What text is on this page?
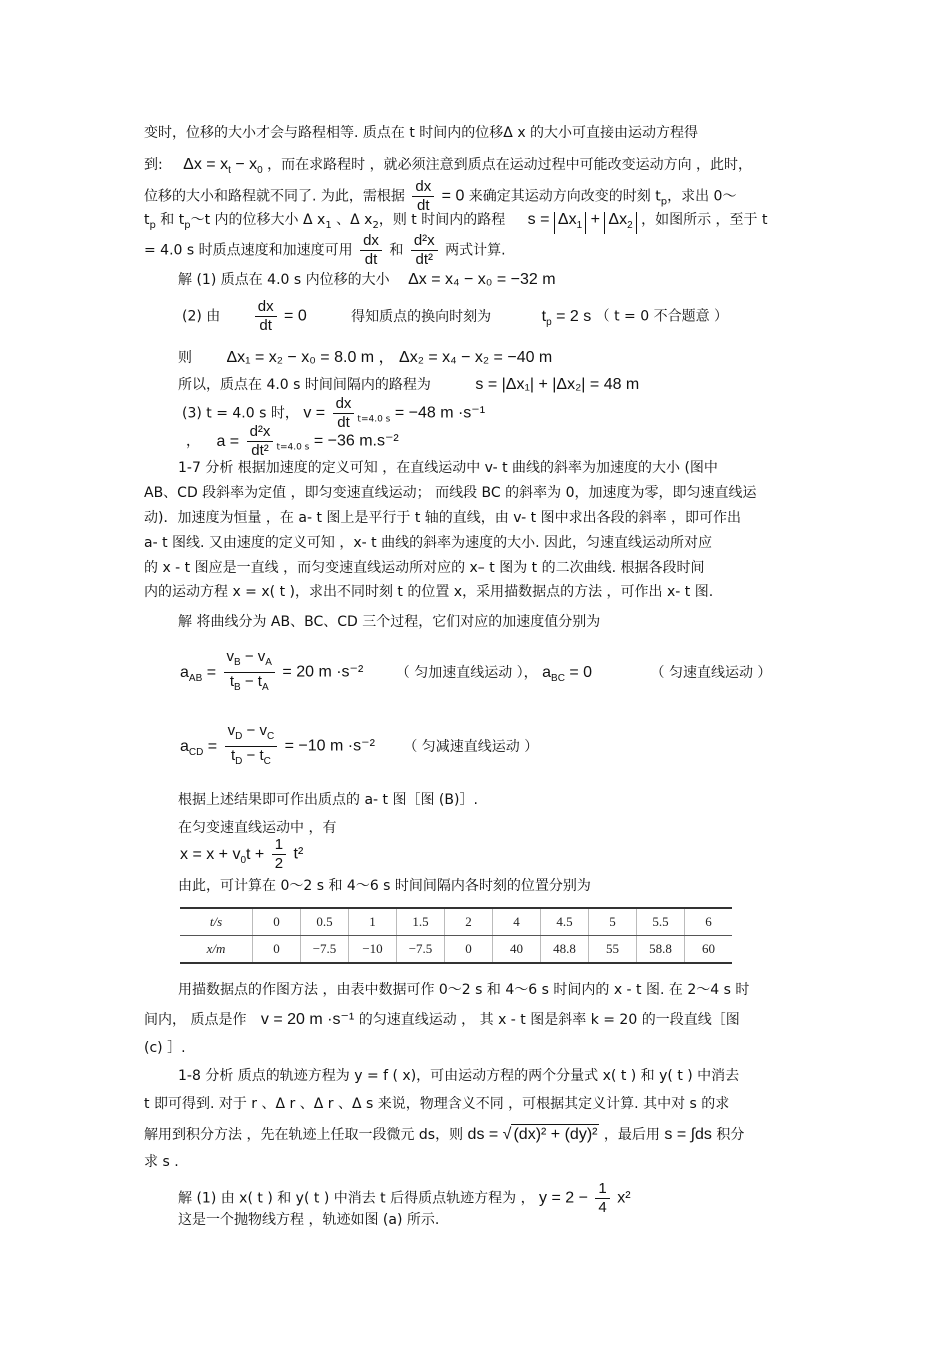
变时，位移的大小才会与路程相等. 质点在 t 时间内的位移Δ x 的大小可直接由运动方程得
到: $\Delta x = x_t - x_0$ ，而在求路程时 ，就必须注意到质点在运动过程中可能改变运动方向 ，此时，
位移的大小和路程就不同了. 为此，需根据 $\frac{dx}{dt} = 0$ 来确定其运动方向改变的时刻 $t_p$，求出 0～
$t_p$ 和 $t_p\sim t$ 内的位移大小 Δ $x_1$ 、Δ $x_2$，则 t 时间内的路程 $s = \Delta x_1 + \Delta x_2$ ，如图所示 ，至于 t
= 4.0 s 时质点速度和加速度可用 $\frac{dx}{dt}$ 和 $\frac{\text{d²x}}{\text{dt²}}$ 两式计算.
解 (1) 质点在 4.0 s 内位移的大小 Δx = x₄ − x₀ = −32 m
(2) 由 $\frac{dx}{dt} = 0$	得知质点的换向时刻为	$t_p = 2$ s （ t = 0 不合题意 ）
则 Δx₁ = x₂ − x₀ = 8.0 m ， Δx₂ = x₄ − x₂ = −40 m
所以，质点在 4.0 s 时间间隔内的路程为	s = |Δx₁| + |Δx₂| = 48 m
(3) t = 4.0 s 时， $v = \frac{dx}{dt} _{t=4.0 s} = -48$ m ·s⁻¹
， $a = \frac{\text{d²x}}{\text{dt²}} _{t=4.0 s} = -36$ m.s⁻²
1-7 分析 根据加速度的定义可知 ，在直线运动中 v- t 曲线的斜率为加速度的大小 (图中
AB、CD 段斜率为定值 ，即匀变速直线运动； 而线段 BC 的斜率为 0，加速度为零，即匀速直线运
动)．加速度为恒量 ，在 a- t 图上是平行于 t 轴的直线，由 v- t 图中求出各段的斜率 ，即可作出
a- t 图线. 又由速度的定义可知 ，x- t 曲线的斜率为速度的大小. 因此，匀速直线运动所对应
的 x - t 图应是一直线 ，而匀变速直线运动所对应的 x– t 图为 t 的二次曲线. 根据各段时间
内的运动方程 x = x( t )，求出不同时刻 t 的位置 x，采用描数据点的方法 ，可作出 x- t 图.
解 将曲线分为 AB、BC、CD 三个过程，它们对应的加速度值分别为
$a_{AB} = \frac{v_B - v_A}{t_B - t_A} = 20$ m ·s⁻² （ 匀加速直线运动 ）， $a_{BC} = 0$	（ 匀速直线运动 ）
$a_{CD} = \frac{v_D - v_C}{t_D - t_C} = -10$ m ·s⁻² （ 匀减速直线运动 ）
根据上述结果即可作出质点的 a- t 图［图 (B)］.
在匀变速直线运动中 ，有
$x = x + v_0t + \frac{1}{2} t^2$
由此，可计算在 0～2 s 和 4～6 s 时间间隔内各时刻的位置分别为
t/s	0	0.5	1	1.5	2	4	4.5	5	5.5	6
x/m	0	−7.5	−10	−7.5	0	40	48.8	55	58.8	60
用描数据点的作图方法 ，由表中数据可作 0～2 s 和 4～6 s 时间内的 x - t 图. 在 2～4 s 时
间内， 质点是作 v = 20 m ·s⁻¹ 的匀速直线运动 ， 其 x - t 图是斜率 k = 20 的一段直线［图
(c) ］.
1-8 分析 质点的轨迹方程为 y = f ( x)，可由运动方程的两个分量式 x( t ) 和 y( t ) 中消去
t 即可得到. 对于 r 、Δ r 、Δ r 、Δ s 来说，物理含义不同 ，可根据其定义计算. 其中对 s 的求
解用到积分方法 ，先在轨迹上任取一段微元 ds，则 ds = √ (dx)² + (dy)² ，最后用 s = ∫ds 积分
求 s .
解 (1) 由 x( t ) 和 y( t ) 中消去 t 后得质点轨迹方程为 ， $y = 2 - \frac{1}{4} x^2$
这是一个抛物线方程 ，轨迹如图 (a) 所示.
